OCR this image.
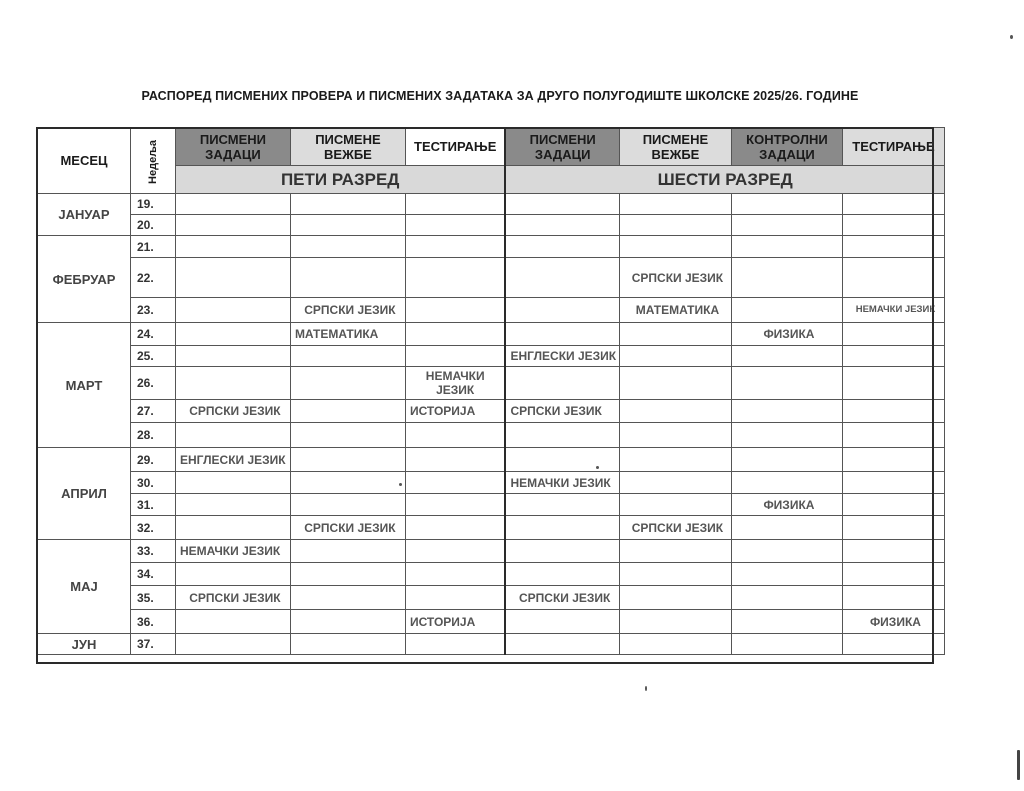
РАСПОРЕД ПИСМЕНИХ ПРОВЕРА И ПИСМЕНИХ ЗАДАТАКА ЗА ДРУГО ПОЛУГОДИШТЕ ШКОЛСКЕ 2025/26. ГОДИНЕ
МЕСЕЦ	Недеља	ПИСМЕНИ ЗАДАЦИ	ПИСМЕНЕ ВЕЖБЕ	ТЕСТИРАЊЕ	ПИСМЕНИ ЗАДАЦИ	ПИСМЕНЕ ВЕЖБЕ	КОНТРОЛНИ ЗАДАЦИ	ТЕСТИРАЊЕ
		ПЕТИ РАЗРЕД			ШЕСТИ РАЗРЕД			
ЈАНУАР	19.							
	20.							
ФЕБРУАР	21.							
	22.					СРПСКИ ЈЕЗИК		
	23.		СРПСКИ ЈЕЗИК			МАТЕМАТИКА		НЕМАЧКИ ЈЕЗИК
МАРТ	24.		МАТЕМАТИКА				ФИЗИКА	
	25.				ЕНГЛЕСКИ ЈЕЗИК			
	26.			НЕМАЧКИ ЈЕЗИК				
	27.	СРПСКИ ЈЕЗИК		ИСТОРИЈА	СРПСКИ ЈЕЗИК			
	28.							
АПРИЛ	29.	ЕНГЛЕСКИ ЈЕЗИК						
	30.				НЕМАЧКИ ЈЕЗИК			
	31.						ФИЗИКА	
	32.		СРПСКИ ЈЕЗИК			СРПСКИ ЈЕЗИК		
МАЈ	33.	НЕМАЧКИ ЈЕЗИК						
	34.							
	35.	СРПСКИ ЈЕЗИК			СРПСКИ ЈЕЗИК			
	36.			ИСТОРИЈА				ФИЗИКА
ЈУН	37.							
